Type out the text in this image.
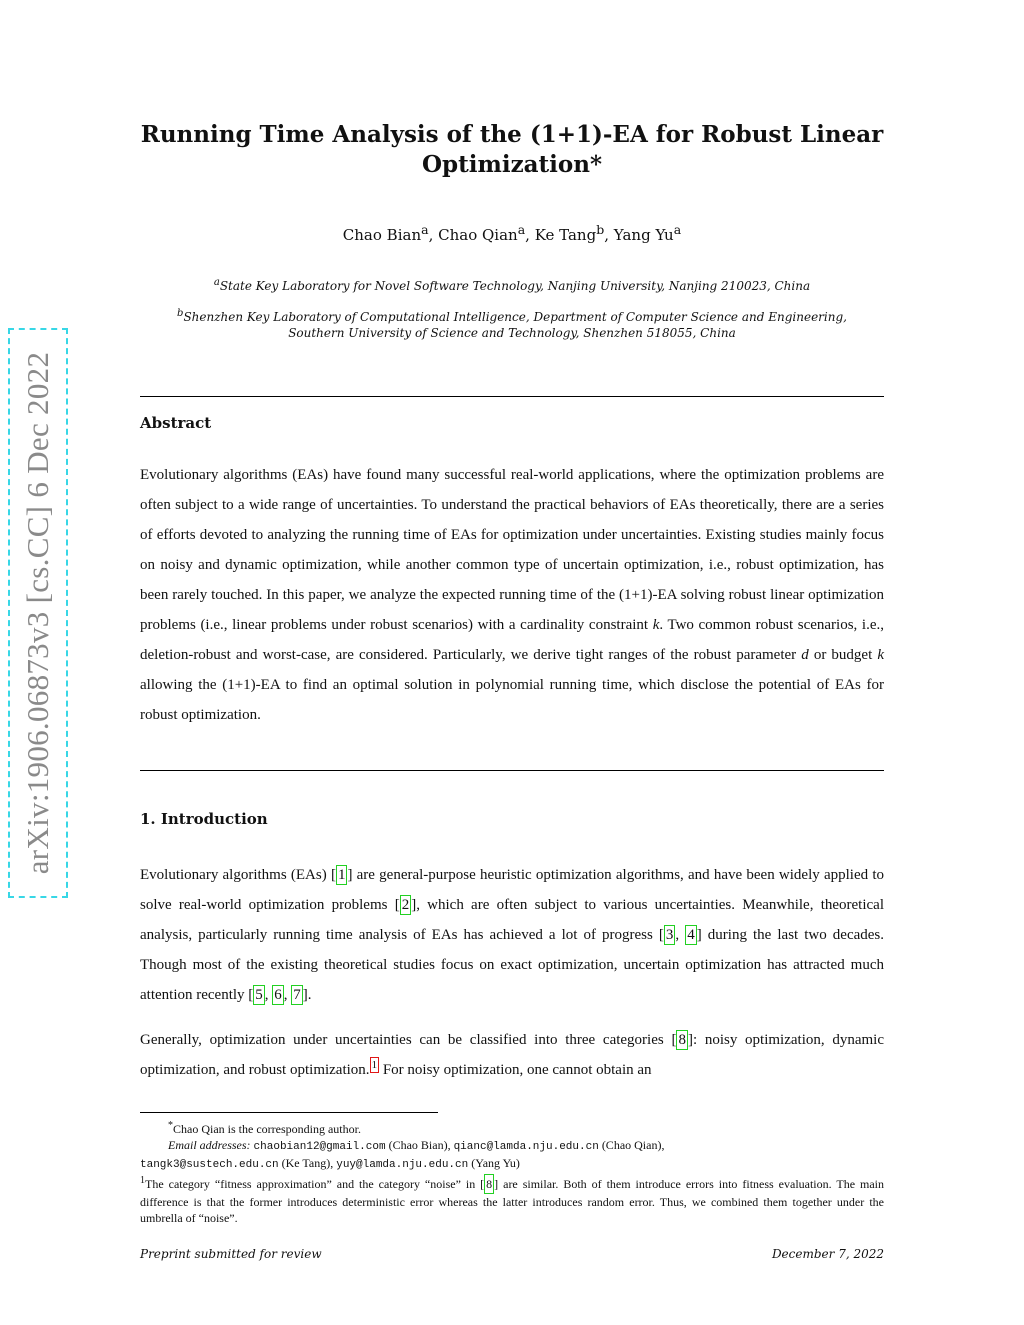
arXiv:1906.06873v3 [cs.CC] 6 Dec 2022
Running Time Analysis of the (1+1)-EA for Robust Linear
Optimization*
Chao Bian$^a$, Chao Qian$^a$, Ke Tang$^b$, Yang Yu$^a$
$^a$State Key Laboratory for Novel Software Technology, Nanjing University, Nanjing 210023, China
$^b$Shenzhen Key Laboratory of Computational Intelligence, Department of Computer Science and Engineering,
Southern University of Science and Technology, Shenzhen 518055, China
Abstract
Evolutionary algorithms (EAs) have found many successful real-world applications, where the optimization problems are often subject to a wide range of uncertainties. To understand the practical behaviors of EAs theoretically, there are a series of efforts devoted to analyzing the running time of EAs for optimization under uncertainties. Existing studies mainly focus on noisy and dynamic optimization, while another common type of uncertain optimization, i.e., robust optimization, has been rarely touched. In this paper, we analyze the expected running time of the (1+1)-EA solving robust linear optimization problems (i.e., linear problems under robust scenarios) with a cardinality constraint k. Two common robust scenarios, i.e., deletion-robust and worst-case, are considered. Particularly, we derive tight ranges of the robust parameter d or budget k allowing the (1+1)-EA to find an optimal solution in polynomial running time, which disclose the potential of EAs for robust optimization.
1. Introduction
Evolutionary algorithms (EAs) [ 1 ] are general-purpose heuristic optimization algorithms, and have been widely applied to solve real-world optimization problems [ 2 ], which are often subject to various uncertainties. Meanwhile, theoretical analysis, particularly running time analysis of EAs has achieved a lot of progress [ 3 , 4 ] during the last two decades. Though most of the existing theoretical studies focus on exact optimization, uncertain optimization has attracted much attention recently [ 5 , 6 , 7 ].
Generally, optimization under uncertainties can be classified into three categories [ 8 ]: noisy optimization, dynamic optimization, and robust optimization. 1 For noisy optimization, one cannot obtain an

*Chao Qian is the corresponding author.

Email addresses: chaobian12@gmail.com (Chao Bian), qianc@lamda.nju.edu.cn (Chao Qian),

tangk3@sustech.edu.cn (Ke Tang), yuy@lamda.nju.edu.cn (Yang Yu)

$^1$The category “fitness approximation” and the category “noise” in [ 8 ] are similar. Both of them introduce errors into fitness evaluation. The main difference is that the former introduces deterministic error whereas the latter introduces random error. Thus, we combined them together under the umbrella of “noise”.

Preprint submitted for review	December 7, 2022
